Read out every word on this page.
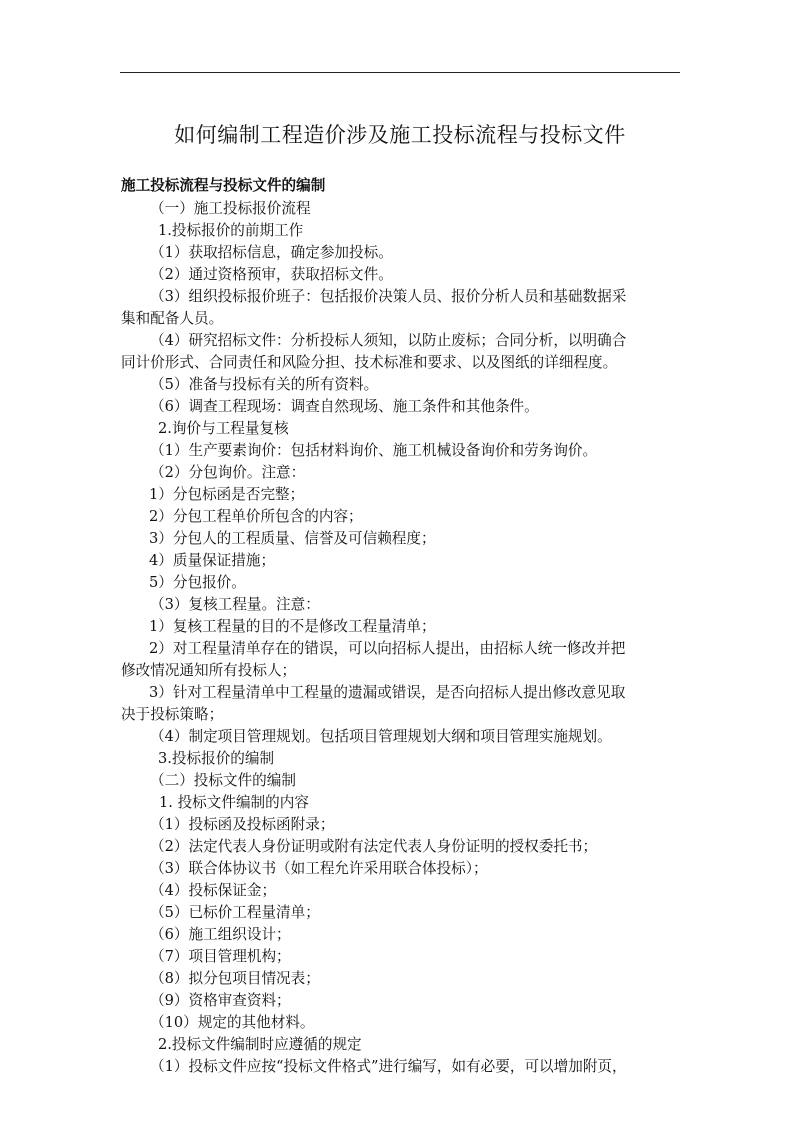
如何编制工程造价涉及施工投标流程与投标文件
施工投标流程与投标文件的编制
（一）施工投标报价流程
1.投标报价的前期工作
（1）获取招标信息，确定参加投标。
（2）通过资格预审，获取招标文件。
（3）组织投标报价班子：包括报价决策人员、报价分析人员和基础数据采
集和配备人员。
（4）研究招标文件：分析投标人须知，以防止废标；合同分析，以明确合
同计价形式、合同责任和风险分担、技术标准和要求、以及图纸的详细程度。
（5）准备与投标有关的所有资料。
（6）调查工程现场：调查自然现场、施工条件和其他条件。
2.询价与工程量复核
（1）生产要素询价：包括材料询价、施工机械设备询价和劳务询价。
（2）分包询价。注意：
1）分包标函是否完整；
2）分包工程单价所包含的内容；
3）分包人的工程质量、信誉及可信赖程度；
4）质量保证措施；
5）分包报价。
（3）复核工程量。注意：
1）复核工程量的目的不是修改工程量清单；
2）对工程量清单存在的错误，可以向招标人提出，由招标人统一修改并把
修改情况通知所有投标人；
3）针对工程量清单中工程量的遗漏或错误，是否向招标人提出修改意见取
决于投标策略；
（4）制定项目管理规划。包括项目管理规划大纲和项目管理实施规划。
3.投标报价的编制
（二）投标文件的编制
1. 投标文件编制的内容
（1）投标函及投标函附录；
（2）法定代表人身份证明或附有法定代表人身份证明的授权委托书；
（3）联合体协议书（如工程允许采用联合体投标）；
（4）投标保证金；
（5）已标价工程量清单；
（6）施工组织设计；
（7）项目管理机构；
（8）拟分包项目情况表；
（9）资格审查资料；
（10）规定的其他材料。
2.投标文件编制时应遵循的规定
（1）投标文件应按“投标文件格式”进行编写，如有必要，可以增加附页，
